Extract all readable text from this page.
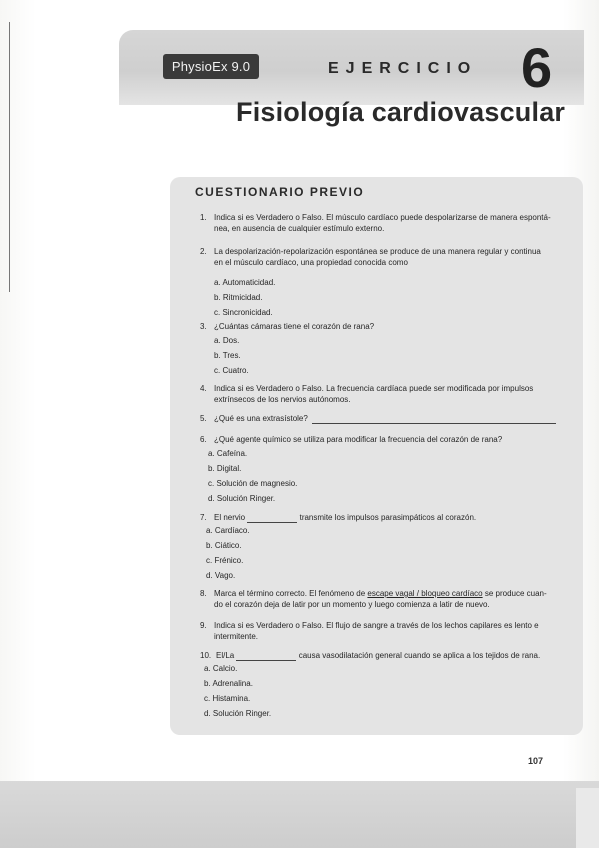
PhysioEx 9.0	EJERCICIO 6
Fisiología cardiovascular
CUESTIONARIO PREVIO
1. Indica si es Verdadero o Falso. El músculo cardíaco puede despolarizarse de manera espontá-
nea, en ausencia de cualquier estímulo externo.
2. La despolarización-repolarización espontánea se produce de una manera regular y continua
en el músculo cardíaco, una propiedad conocida como
a. Automaticidad.
b. Ritmicidad.
c. Sincronicidad.
3. ¿Cuántas cámaras tiene el corazón de rana?
a. Dos.
b. Tres.
c. Cuatro.
4. Indica si es Verdadero o Falso. La frecuencia cardíaca puede ser modificada por impulsos
extrínsecos de los nervios autónomos.
5. ¿Qué es una extrasístole?
6. ¿Qué agente químico se utiliza para modificar la frecuencia del corazón de rana?
a. Cafeína.
b. Digital.
c. Solución de magnesio.
d. Solución Ringer.
7. El nervio	transmite los impulsos parasimpáticos al corazón.
a. Cardíaco.
b. Ciático.
c. Frénico.
d. Vago.
8. Marca el término correcto. El fenómeno de escape vagal / bloqueo cardíaco se produce cuan-
do el corazón deja de latir por un momento y luego comienza a latir de nuevo.
9. Indica si es Verdadero o Falso. El flujo de sangre a través de los lechos capilares es lento e
intermitente.
10. El/La	causa vasodilatación general cuando se aplica a los tejidos de rana.
a. Calcio.
b. Adrenalina.
c. Histamina.
d. Solución Ringer.
107
